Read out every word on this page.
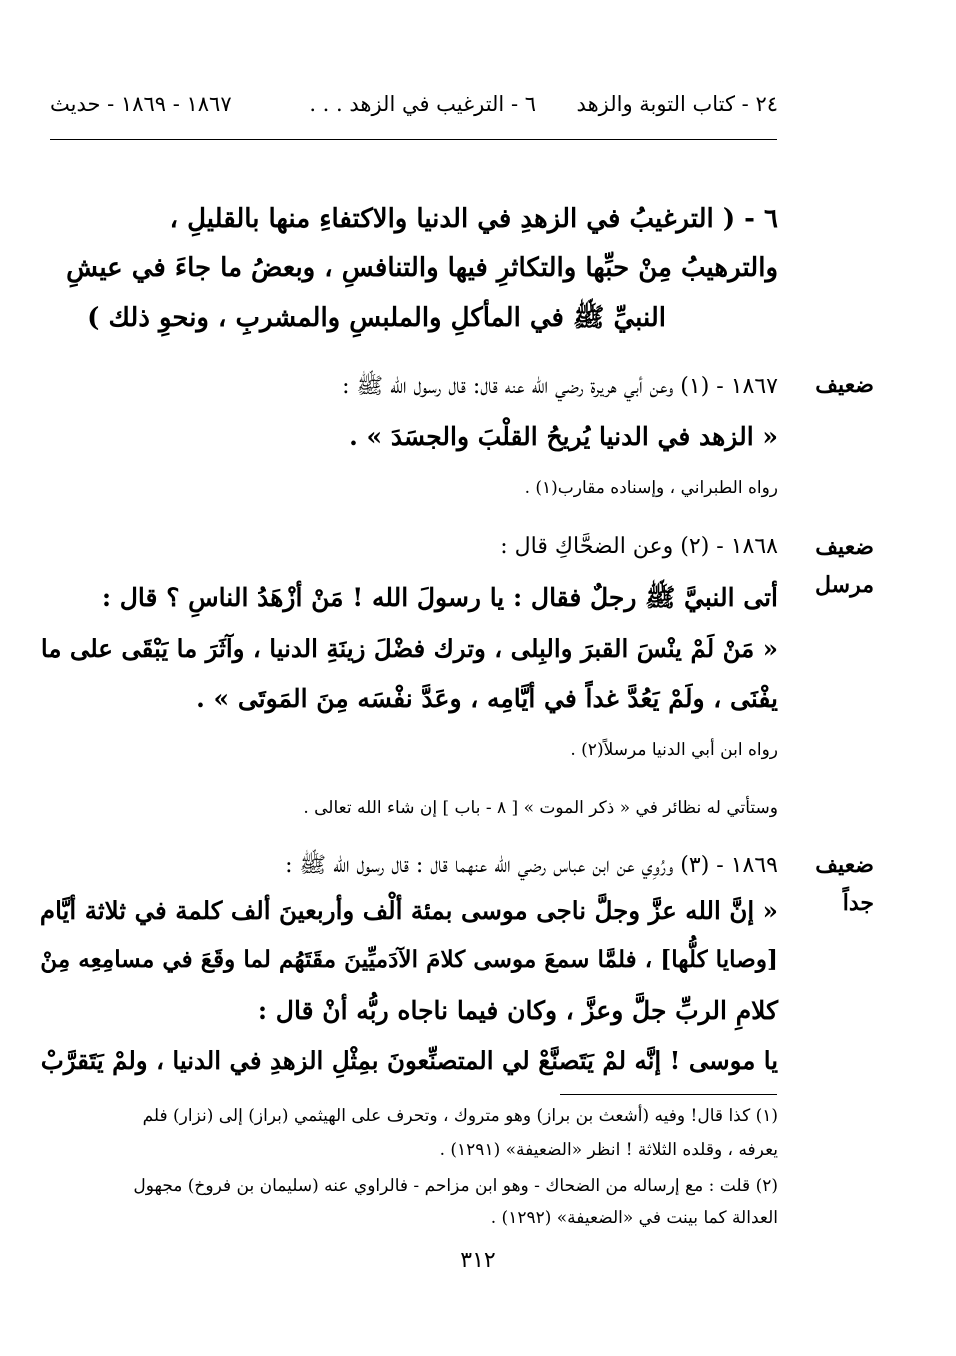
٢٤ - كتاب التوبة والزهد
٦ - الترغيب في الزهد . . .
١٨٦٧ - ١٨٦٩ - حديث
٦ - ( الترغيبُ في الزهدِ في الدنيا والاكتفاءِ منها بالقليلِ ،
والترهيبُ مِنْ حبِّها والتكاثرِ فيها والتنافسِ ، وبعضُ ما جاءَ في عيشِ
النبيِّ ﷺ في المأكلِ والملبسِ والمشربِ ، ونحوِ ذلك )
ضعيف
١٨٦٧ - (١) وعن أبي هريرة رضي الله عنه قال: قال رسول الله ﷺ :
« الزهد في الدنيا يُريحُ القلْبَ والجسَدَ » .
رواه الطبراني ، وإسناده مقارب(١) .
ضعيف مرسل
١٨٦٨ - (٢) وعن الضحَّاكِ قال :
أتى النبيَّ ﷺ رجلٌ فقال : يا رسولَ الله ! مَنْ أزْهَدُ الناسِ ؟ قال :
« مَنْ لَمْ ينْسَ القبرَ والبِلى ، وترك فضْلَ زينَةِ الدنيا ، وآثَرَ ما يَبْقَى على ما
يفْنَى ، ولَمْ يَعُدَّ غداً في أيَّامِه ، وعَدَّ نفْسَه مِنَ المَوتَى » .
رواه ابن أبي الدنيا مرسلاً(٢) .
وستأتي له نظائر في « ذكر الموت » [ ٨ - باب ] إن شاء الله تعالى .
ضعيف جداً
١٨٦٩ - (٣) ورُوِي عن ابن عباس رضي الله عنهما قال : قال رسول الله ﷺ :
« إنَّ الله عزَّ وجلَّ ناجى موسى بمئة ألْف وأربعينَ ألف كلمة في ثلاثة أيَّام
[وصايا كلُّها] ، فلمَّا سمعَ موسى كلامَ الآدَميِّينَ مقَتَهُم لما وقَعَ في مسامِعِه مِنْ
كلامِ الربِّ جلَّ وعزَّ ، وكان فيما ناجاه ربُّه أنْ قال :
يا موسى ! إنَّه لمْ يَتَصنَّعْ لي المتصنِّعونَ بمِثْلِ الزهدِ في الدنيا ، ولمْ يَتَقرَّبْ
(١) كذا قال! وفيه (أشعث بن براز) وهو متروك ، وتحرف على الهيثمي (براز) إلى (نزار) فلم
يعرفه ، وقلده الثلاثة ! انظر «الضعيفة» (١٢٩١) .
(٢) قلت : مع إرساله من الضحاك - وهو ابن مزاحم - فالراوي عنه (سليمان بن فروخ) مجهول
العدالة كما بينت في «الضعيفة» (١٢٩٢) .
٣١٢
